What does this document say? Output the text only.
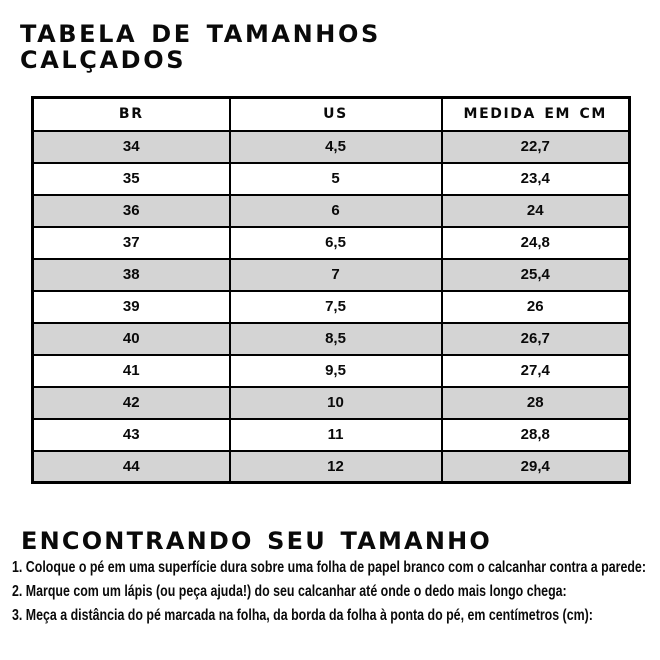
TABELA DE TAMANHOS
CALÇADOS
BR	US	MEDIDA EM CM
34	4,5	22,7
35	5	23,4
36	6	24
37	6,5	24,8
38	7	25,4
39	7,5	26
40	8,5	26,7
41	9,5	27,4
42	10	28
43	11	28,8
44	12	29,4
ENCONTRANDO SEU TAMANHO
1. Coloque o pé em uma superfície dura sobre uma folha de papel branco com o calcanhar contra a parede:
2. Marque com um lápis (ou peça ajuda!) do seu calcanhar até onde o dedo mais longo chega:
3. Meça a distância do pé marcada na folha, da borda da folha à ponta do pé, em centímetros (cm):
